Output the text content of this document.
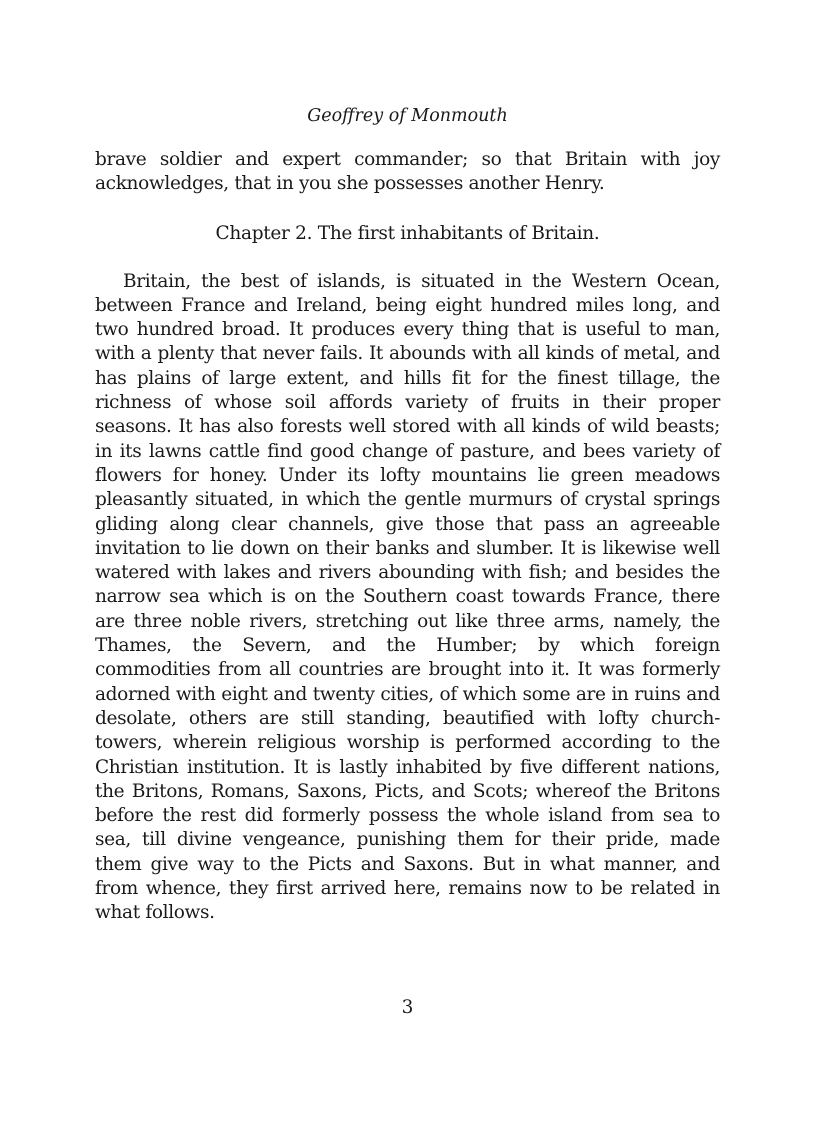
Geoffrey of Monmouth

brave soldier and expert commander; so that Britain with joy acknowledges, that in you she possesses another Henry.

Chapter 2. The first inhabitants of Britain.

Britain, the best of islands, is situated in the Western Ocean, between France and Ireland, being eight hundred miles long, and two hundred broad. It produces every thing that is useful to man, with a plenty that never fails. It abounds with all kinds of metal, and has plains of large extent, and hills fit for the finest tillage, the richness of whose soil affords variety of fruits in their proper seasons. It has also forests well stored with all kinds of wild beasts; in its lawns cattle find good change of pasture, and bees variety of flowers for honey. Under its lofty mountains lie green meadows pleasantly situated, in which the gentle murmurs of crystal springs gliding along clear channels, give those that pass an agreeable invitation to lie down on their banks and slumber. It is likewise well watered with lakes and rivers abounding with fish; and besides the narrow sea which is on the Southern coast towards France, there are three noble rivers, stretching out like three arms, namely, the Thames, the Severn, and the Humber; by which foreign commodities from all countries are brought into it. It was formerly adorned with eight and twenty cities, of which some are in ruins and desolate, others are still standing, beautified with lofty church-towers, wherein religious worship is performed according to the Christian institution. It is lastly inhabited by five different nations, the Britons, Romans, Saxons, Picts, and Scots; whereof the Britons before the rest did formerly possess the whole island from sea to sea, till divine vengeance, punishing them for their pride, made them give way to the Picts and Saxons. But in what manner, and from whence, they first arrived here, remains now to be related in what follows.

3
